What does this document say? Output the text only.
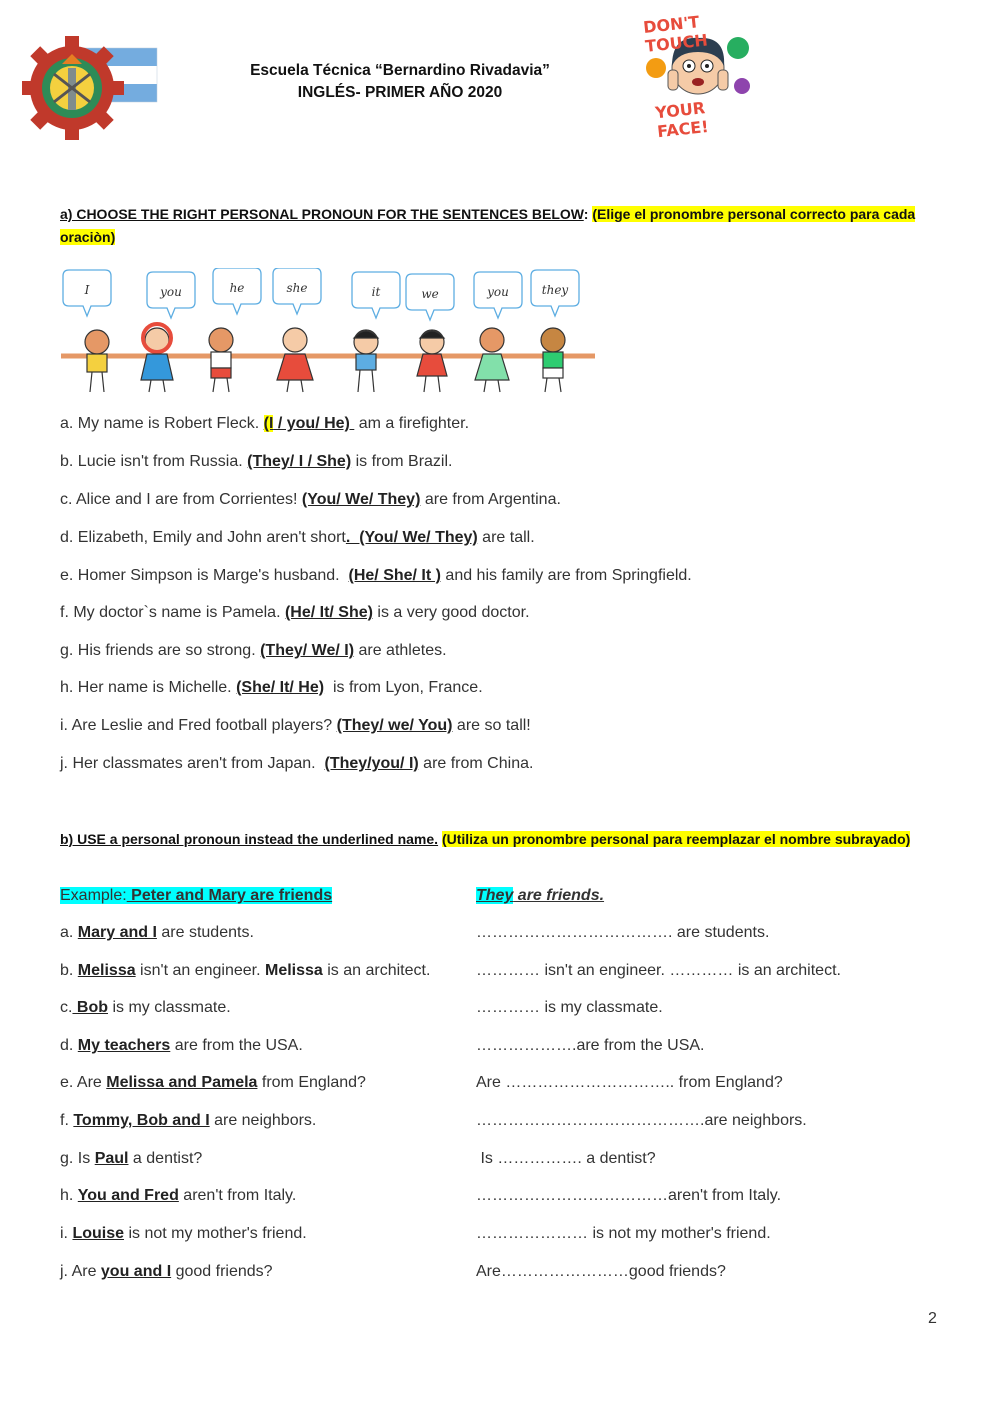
Escuela Técnica “Bernardino Rivadavia”
INGLÉS- PRIMER AÑO 2020
DON'T TOUCH
YOUR FACE!
a) CHOOSE THE RIGHT PERSONAL PRONOUN FOR THE SENTENCES BELOW: (Elige el pronombre personal correcto para cada oraciòn)
I	you	he	she	it	we	you	they
a. My name is Robert Fleck. (I / you/ He)  am a firefighter.
b. Lucie isn't from Russia. (They/ I / She) is from Brazil.
c. Alice and I are from Corrientes! (You/ We/ They) are from Argentina.
d. Elizabeth, Emily and John aren't short.  (You/ We/ They) are tall.
e. Homer Simpson is Marge's husband.  (He/ She/ It ) and his family are from Springfield.
f. My doctor`s name is Pamela. (He/ It/ She) is a very good doctor.
g. His friends are so strong. (They/ We/ I) are athletes.
h. Her name is Michelle. (She/ It/ He)  is from Lyon, France.
i. Are Leslie and Fred football players? (They/ we/ You) are so tall!
j. Her classmates aren't from Japan.  (They/you/ I) are from China.
b) USE a personal pronoun instead the underlined name. (Utiliza un pronombre personal para reemplazar el nombre subrayado)
Example: Peter and Mary are friends	They are friends.
a. Mary and I are students.	………………………………. are students.
b. Melissa isn't an engineer. Melissa is an architect.	………… isn't an engineer. ………… is an architect.
c. Bob is my classmate.	………… is my classmate.
d. My teachers are from the USA.	……………….are from the USA.
e. Are Melissa and Pamela from England?	Are ………………………….. from England?
f. Tommy, Bob and I are neighbors.	…………………………………….are neighbors.
g. Is Paul a dentist?	Is ……………. a dentist?
h. You and Fred aren't from Italy.	………………………………aren't from Italy.
i. Louise is not my mother's friend.	………………… is not my mother's friend.
j. Are you and I good friends?	Are……………………good friends?
2
